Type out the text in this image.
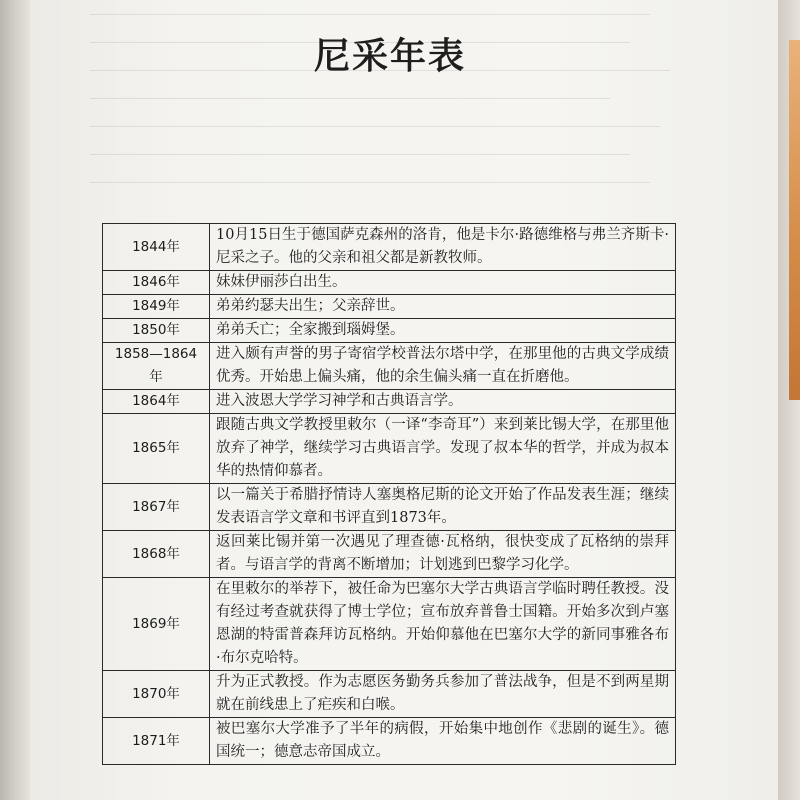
尼采年表
1844年	10月15日生于德国萨克森州的洛肯，他是卡尔·路德维格与弗兰齐斯卡·尼采之子。他的父亲和祖父都是新教牧师。
1846年	妹妹伊丽莎白出生。
1849年	弟弟约瑟夫出生；父亲辞世。
1850年	弟弟夭亡；全家搬到瑙姆堡。
1858—1864年	进入颇有声誉的男子寄宿学校普法尔塔中学，在那里他的古典文学成绩优秀。开始患上偏头痛，他的余生偏头痛一直在折磨他。
1864年	进入波恩大学学习神学和古典语言学。
1865年	跟随古典文学教授里敕尔（一译“李奇耳”）来到莱比锡大学，在那里他放弃了神学，继续学习古典语言学。发现了叔本华的哲学，并成为叔本华的热情仰慕者。
1867年	以一篇关于希腊抒情诗人塞奥格尼斯的论文开始了作品发表生涯；继续发表语言学文章和书评直到1873年。
1868年	返回莱比锡并第一次遇见了理查德·瓦格纳，很快变成了瓦格纳的崇拜者。与语言学的背离不断增加；计划逃到巴黎学习化学。
1869年	在里敕尔的举荐下，被任命为巴塞尔大学古典语言学临时聘任教授。没有经过考查就获得了博士学位；宣布放弃普鲁士国籍。开始多次到卢塞恩湖的特雷普森拜访瓦格纳。开始仰慕他在巴塞尔大学的新同事雅各布·布尔克哈特。
1870年	升为正式教授。作为志愿医务勤务兵参加了普法战争，但是不到两星期就在前线患上了疟疾和白喉。
1871年	被巴塞尔大学准予了半年的病假，开始集中地创作《悲剧的诞生》。德国统一；德意志帝国成立。
